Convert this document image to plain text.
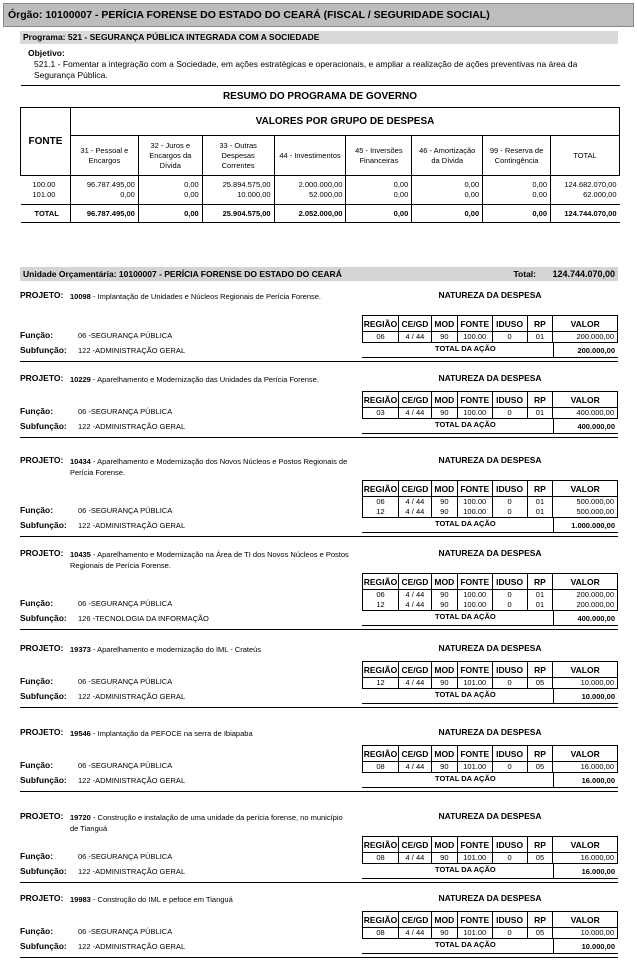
Órgão: 10100007 - PERÍCIA FORENSE DO ESTADO DO CEARÁ (FISCAL / SEGURIDADE SOCIAL)
Programa: 521 - SEGURANÇA PÚBLICA INTEGRADA COM A SOCIEDADE
Objetivo:521.1 - Fomentar a integração com a Sociedade, em ações estratégicas e operacionais, e ampliar a realização de ações preventivas na área da Segurança Pública.
RESUMO DO PROGRAMA DE GOVERNO								
FONTE	VALORES POR GRUPO DE DESPESA							
	31 - Pessoal e Encargos	32 - Juros e Encargos da Dívida	33 - Outras Despesas Correntes	44 - Investimentos	45 - Inversões Financeiras	46 - Amortização da Dívida	99 - Reserva de Contingência	TOTAL
100.00	96.787.495,00	0,00	25.894.575,00	2.000.000,00	0,00	0,00	0,00	124.682.070,00
101.00	0,00	0,00	10.000,00	52.000,00	0,00	0,00	0,00	62.000,00
TOTAL	96.787.495,00	0,00	25.904.575,00	2.052.000,00	0,00	0,00	0,00	124.744.070,00
Unidade Orçamentária: 10100007 - PERÍCIA FORENSE DO ESTADO DO CEARÁ	Total: 124.744.070,00
PROJETO: 10098 - Implantação de Unidades e Núcleos Regionais de Perícia Forense.	NATUREZA DA DESPESA
REGIÃO	CE/GD	MOD	FONTE	IDUSO	RP	VALOR
06	4 / 44	90	100.00	0	01	200.000,00
TOTAL DA AÇÃO	200.000,00
Função:	06 -SEGURANÇA PÚBLICA
Subfunção: 122 -ADMINISTRAÇÃO GERAL
PROJETO: 10229 - Aparelhamento e Modernização das Unidades da Perícia Forense.	NATUREZA DA DESPESA
REGIÃO	CE/GD	MOD	FONTE	IDUSO	RP	VALOR
03	4 / 44	90	100.00	0	01	400.000,00
TOTAL DA AÇÃO	400.000,00
Função:	06 -SEGURANÇA PÚBLICA
Subfunção: 122 -ADMINISTRAÇÃO GERAL
PROJETO: 10434 - Aparelhamento e Modernização dos Novos Núcleos e Postos Regionais de Perícia Forense.
NATUREZA DA DESPESA
REGIÃO	CE/GD	MOD	FONTE	IDUSO	RP	VALOR
06	4 / 44	90	100.00	0	01	500.000,00
12	4 / 44	90	100.00	0	01	500.000,00
TOTAL DA AÇÃO	1.000.000,00
Função:	06 -SEGURANÇA PÚBLICA
Subfunção: 122 -ADMINISTRAÇÃO GERAL
PROJETO: 10435 - Aparelhamento e Modernização na Área de TI dos Novos Núcleos e Postos Regionais de Perícia Forense.
NATUREZA DA DESPESA
REGIÃO	CE/GD	MOD	FONTE	IDUSO	RP	VALOR
06	4 / 44	90	100.00	0	01	200.000,00
12	4 / 44	90	100.00	0	01	200.000,00
TOTAL DA AÇÃO	400.000,00
Função:	06 -SEGURANÇA PÚBLICA
Subfunção: 126 -TECNOLOGIA DA INFORMAÇÃO
PROJETO: 19373 - Aparelhamento e modernização do IML - Crateús	NATUREZA DA DESPESA
REGIÃO	CE/GD	MOD	FONTE	IDUSO	RP	VALOR
12	4 / 44	90	101.00	0	05	10.000,00
TOTAL DA AÇÃO	10.000,00
Função:	06 -SEGURANÇA PÚBLICA
Subfunção: 122 -ADMINISTRAÇÃO GERAL
PROJETO: 19546 - Implantação da PEFOCE na serra de Ibiapaba	NATUREZA DA DESPESA
REGIÃO	CE/GD	MOD	FONTE	IDUSO	RP	VALOR
08	4 / 44	90	101.00	0	05	16.000,00
TOTAL DA AÇÃO	16.000,00
Função:	06 -SEGURANÇA PÚBLICA
Subfunção: 122 -ADMINISTRAÇÃO GERAL
PROJETO: 19720 - Construção e instalação de uma unidade da perícia forense, no município de Tianguá
NATUREZA DA DESPESA
REGIÃO	CE/GD	MOD	FONTE	IDUSO	RP	VALOR
08	4 / 44	90	101.00	0	05	16.000,00
TOTAL DA AÇÃO	16.000,00
Função:	06 -SEGURANÇA PÚBLICA
Subfunção: 122 -ADMINISTRAÇÃO GERAL
PROJETO: 19983 - Construção do IML e pefoce em Tianguá	NATUREZA DA DESPESA
REGIÃO	CE/GD	MOD	FONTE	IDUSO	RP	VALOR
08	4 / 44	90	101.00	0	05	10.000,00
TOTAL DA AÇÃO	10.000,00
Função:	06 -SEGURANÇA PÚBLICA
Subfunção: 122 -ADMINISTRAÇÃO GERAL
